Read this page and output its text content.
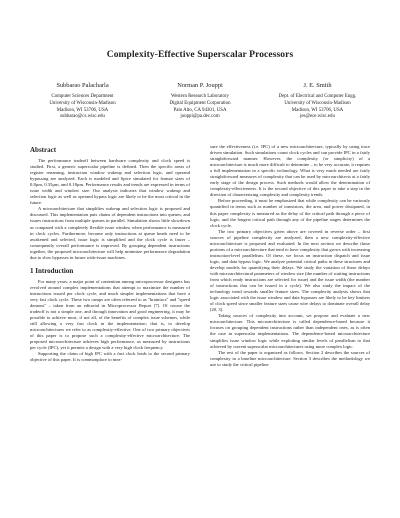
Complexity-Effective Superscalar Processors
Subbarao Palacharla
Computer Sciences Department
University of Wisconsin-Madison
Madison, WI 53706, USA
subbarao@cs.wisc.edu
Norman P. Jouppi
Western Research Laboratory
Digital Equipment Corporation
Palo Alto, CA 94301, USA
jouppi@pa.dec.com
J. E. Smith
Dept. of Electrical and Computer Engg.
University of Wisconsin-Madison
Madison, WI 53706, USA
jes@ece.wisc.edu
Abstract

The performance tradeoff between hardware complexity and clock speed is studied. First, a generic superscalar pipeline is defined. Then the specific areas of register renaming, instruction window wakeup and selection logic, and operand bypassing are analyzed. Each is modeled and Spice simulated for feature sizes of 0.8µm, 0.35µm, and 0.18µm. Performance results and trends are expressed in terms of issue width and window size. Our analysis indicates that window wakeup and selection logic as well as operand bypass logic are likely to be the most critical in the future.

A microarchitecture that simplifies wakeup and selection logic is proposed and discussed. This implementation puts chains of dependent instructions into queues, and issues instructions from multiple queues in parallel. Simulation shows little slowdown as compared with a completely flexible issue window when performance is measured in clock cycles. Furthermore, because only instructions at queue heads need to be awakened and selected, issue logic is simplified and the clock cycle is faster – consequently overall performance is improved. By grouping dependent instructions together, the proposed microarchitecture will help minimize performance degradation due to slow bypasses in future wide-issue machines.

1 Introduction

For many years, a major point of contention among microprocessor designers has revolved around complex implementations that attempt to maximize the number of instructions issued per clock cycle, and much simpler implementations that have a very fast clock cycle. These two camps are often referred to as "brainiacs" and "speed demons" – taken from an editorial in Microprocessor Report [7]. Of course the tradeoff is not a simple one, and through innovation and good engineering, it may be possible to achieve most, if not all, of the benefits of complex issue schemes, while still allowing a very fast clock in the implementation; that is, to develop microarchitectures we refer to as complexity-effective. One of two primary objectives of this paper is to propose such a complexity-effective microarchitecture. The proposed microarchitecture achieves high performance, as measured by instructions per cycle (IPC), yet it permits a design with a very high clock frequency.

Supporting the claim of high IPC with a fast clock leads to the second primary objective of this paper. It is commonplace to mea-

sure the effectiveness (i.e. IPC) of a new microarchitecture, typically by using trace driven simulation. Such simulations count clock cycles and can provide IPC in a fairly straightforward manner. However, the complexity (or simplicity) of a microarchitecture is much more difficult to determine – to be very accurate, it requires a full implementation in a specific technology. What is very much needed are fairly straightforward measures of complexity that can be used by microarchitects at a fairly early stage of the design process. Such methods would allow the determination of complexity-effectiveness. It is the second objective of this paper to take a step in the direction of characterizing complexity and complexity trends.

Before proceeding, it must be emphasized that while complexity can be variously quantified in terms such as number of transistors, die area, and power dissipated, in this paper complexity is measured as the delay of the critical path through a piece of logic, and the longest critical path through any of the pipeline stages determines the clock cycle.

The two primary objectives given above are covered in reverse order – first sources of pipeline complexity are analyzed, then a new complexity-effective microarchitecture is proposed and evaluated. In the next section we describe those portions of a microarchitecture that tend to have complexity that grows with increasing instruction-level parallelism. Of these, we focus on instruction dispatch and issue logic, and data bypass logic. We analyze potential critical paths in these structures and develop models for quantifying their delays. We study the variation of these delays with microarchitectural parameters of window size (the number of waiting instructions from which ready instructions are selected for issue) and the issue width (the number of instructions that can be issued in a cycle). We also study the impact of the technology trend towards smaller feature sizes. The complexity analysis shows that logic associated with the issue window and data bypasses are likely to be key limiters of clock speed since smaller feature sizes cause wire delays to dominate overall delay [20, 3].

Taking sources of complexity into account, we propose and evaluate a new microarchitecture. This microarchitecture is called dependence-based because it focuses on grouping dependent instructions rather than independent ones, as is often the case in superscalar implementations. The dependence-based microarchitecture simplifies issue window logic while exploiting similar levels of parallelism to that achieved by current superscalar microarchitectures using more complex logic.

The rest of the paper is organized as follows. Section 2 describes the sources of complexity in a baseline microarchitecture. Section 3 describes the methodology we use to study the critical pipeline
